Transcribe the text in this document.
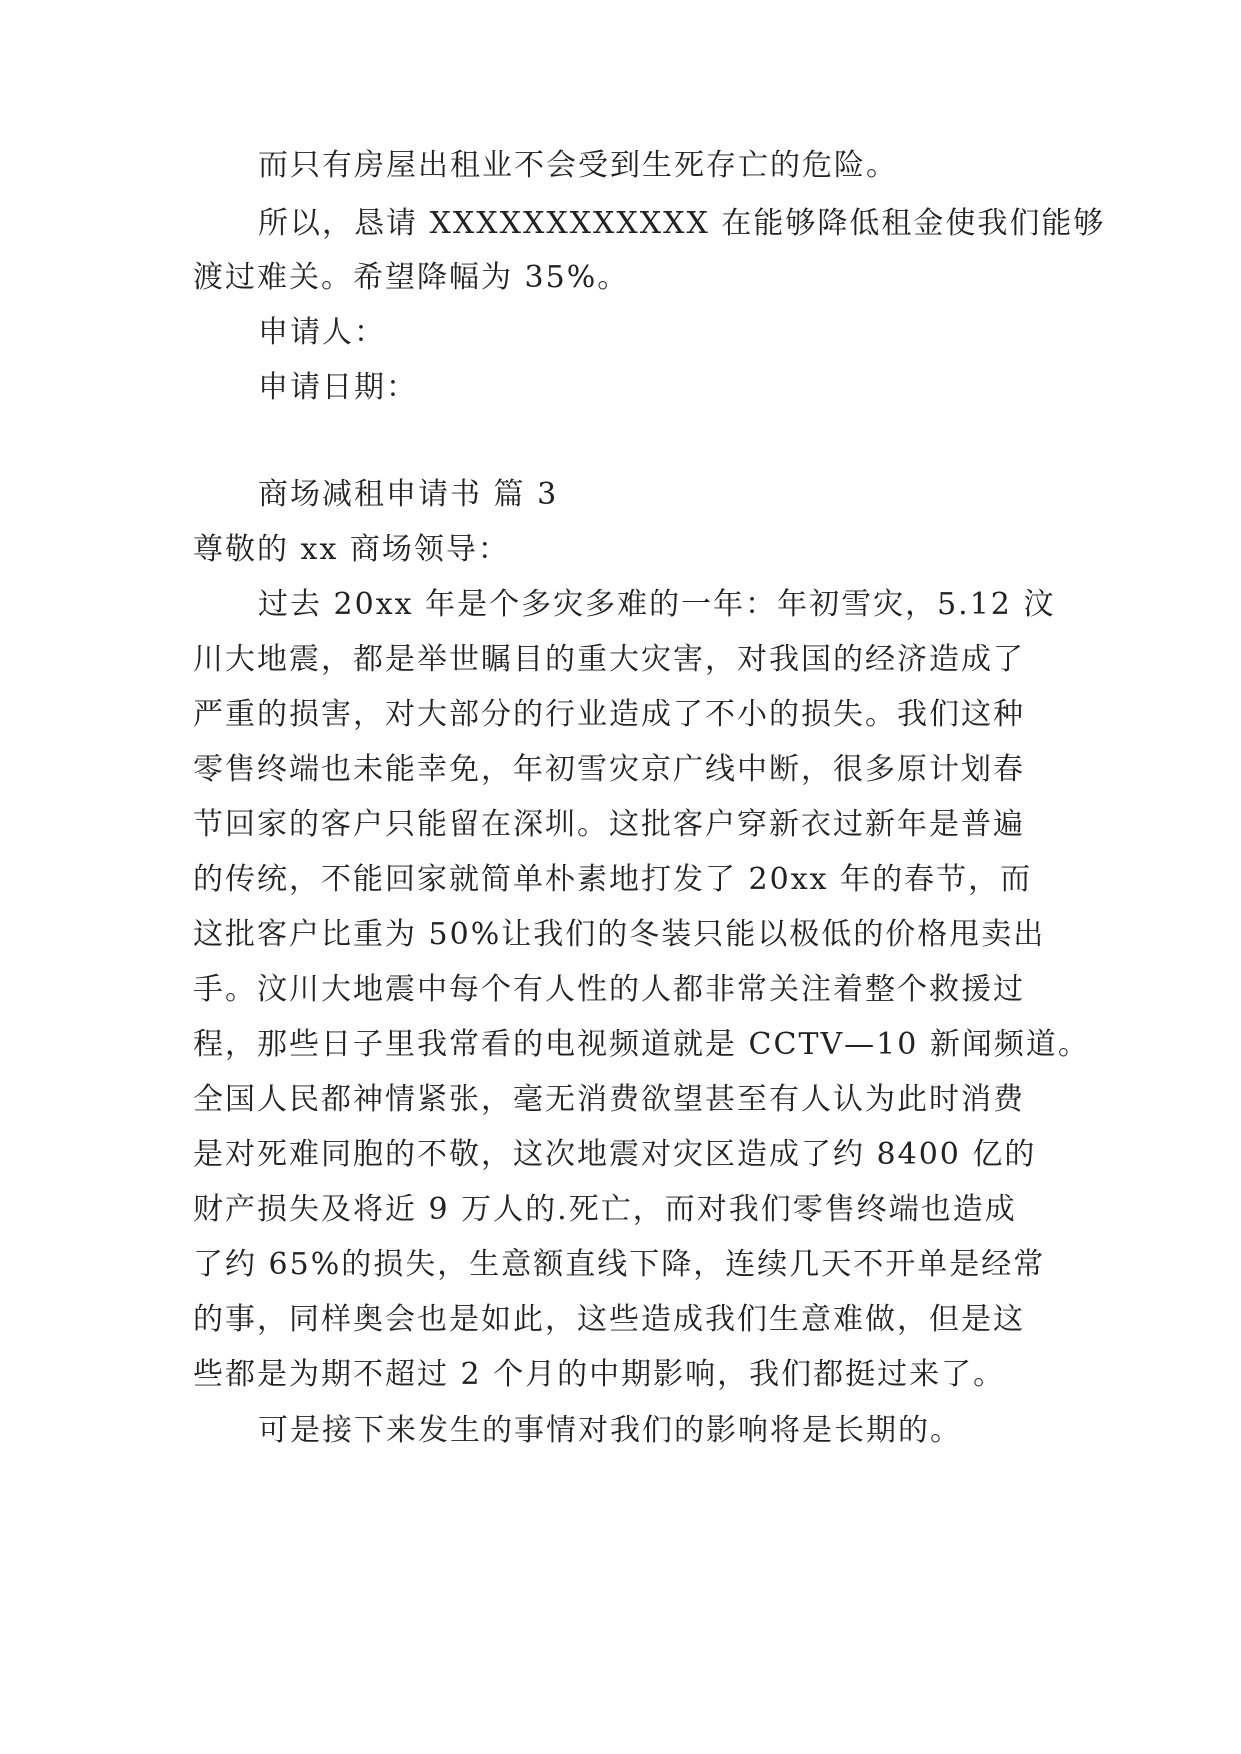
而只有房屋出租业不会受到生死存亡的危险。
所以，恳请 XXXXXXXXXXXX 在能够降低租金使我们能够
渡过难关。希望降幅为 35%。
申请人：
申请日期：
商场减租申请书 篇 3
尊敬的 xx 商场领导：
过去 20xx 年是个多灾多难的一年：年初雪灾，5.12 汶
川大地震，都是举世瞩目的重大灾害，对我国的经济造成了
严重的损害，对大部分的行业造成了不小的损失。我们这种
零售终端也未能幸免，年初雪灾京广线中断，很多原计划春
节回家的客户只能留在深圳。这批客户穿新衣过新年是普遍
的传统，不能回家就简单朴素地打发了 20xx 年的春节，而
这批客户比重为 50%让我们的冬装只能以极低的价格甩卖出
手。汶川大地震中每个有人性的人都非常关注着整个救援过
程，那些日子里我常看的电视频道就是 CCTV—10 新闻频道。
全国人民都神情紧张，毫无消费欲望甚至有人认为此时消费
是对死难同胞的不敬，这次地震对灾区造成了约 8400 亿的
财产损失及将近 9 万人的.死亡，而对我们零售终端也造成
了约 65%的损失，生意额直线下降，连续几天不开单是经常
的事，同样奥会也是如此，这些造成我们生意难做，但是这
些都是为期不超过 2 个月的中期影响，我们都挺过来了。
可是接下来发生的事情对我们的影响将是长期的。
